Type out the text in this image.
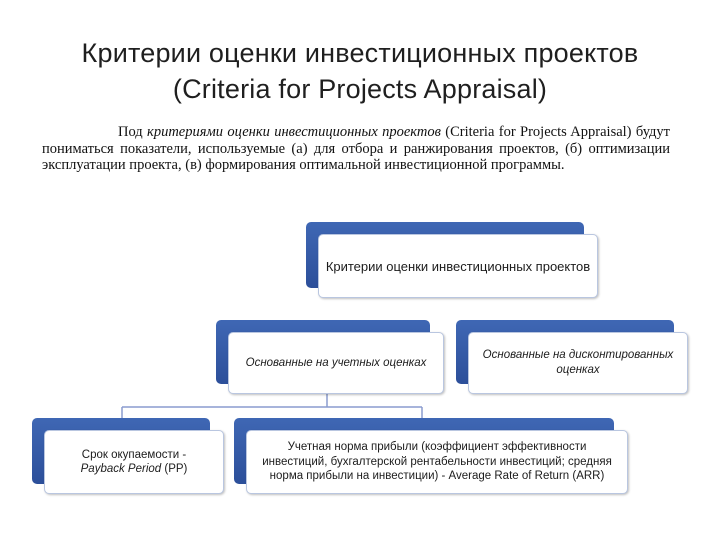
Критерии оценки инвестиционных проектов
(Criteria for Projects Appraisal)
Под критериями оценки инвестиционных проектов (Criteria for Projects Appraisal) будут пониматься показатели, используемые (а) для отбора и ранжирования проектов, (б) оптимизации эксплуатации проекта, (в) формирования оптимальной инвестиционной программы.
Критерии оценки инвестиционных проектов
Основанные на учетных оценках
Основанные на дисконтированных оценках
Срок окупаемости -
Payback Period (PP)
Учетная норма прибыли (коэффициент эффективности инвестиций, бухгалтерской рентабельности инвестиций; средняя норма прибыли на инвестиции) - Average Rate of Return (ARR)
